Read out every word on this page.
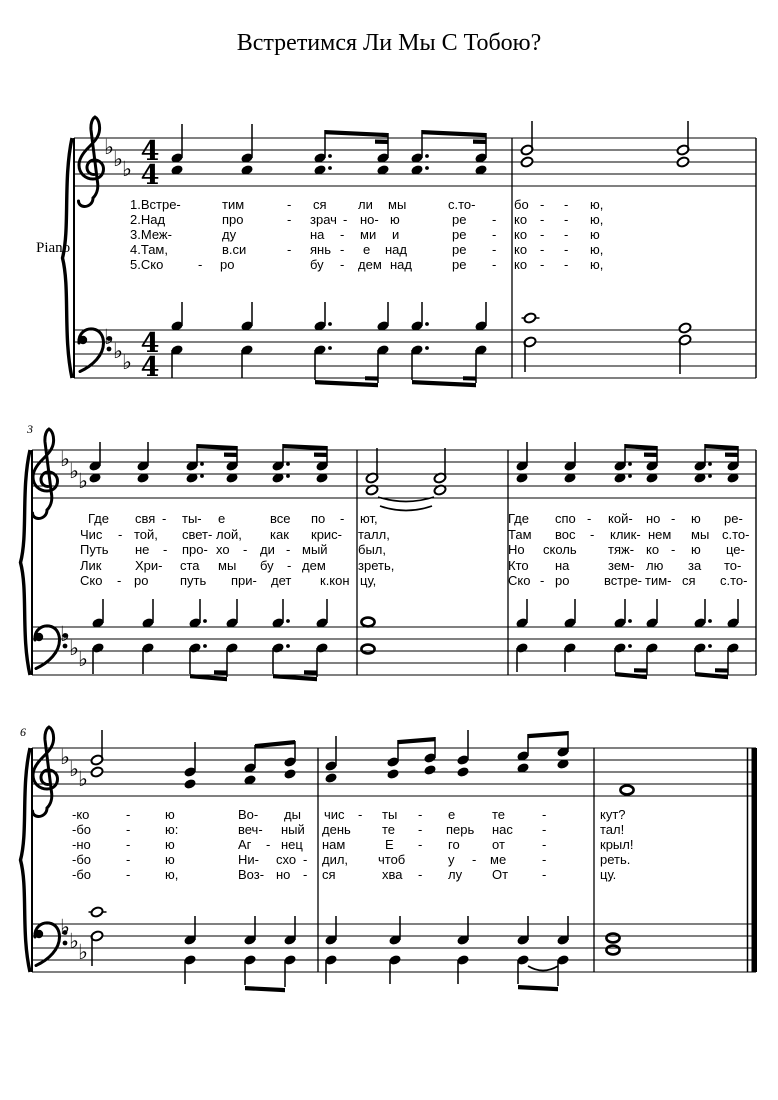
Встретимся Ли Мы С Тобою?
Piano
3
6
♭ ♭ ♭
4
4
♭
♭ ♭
4
4
♭ ♭ ♭
♭
♭ ♭
♭ ♭ ♭
♭
♭ ♭
1.Встре-	тим	- ся ли мы	с.то-	бо - - ю,
2.Над	про	- зрач - но- ю	ре - ко - - ю,
3.Меж-	ду	на - ми и	ре - ко - - ю
4.Там,	в.си	- янь - е над	ре - ко - - ю,
5.Ско	- ро	бу - дем над	ре - ко - - ю,
Где свя - ты- е	все по - ют,	Где спо - кой- но - ю ре-
Чис - той, свет- лой, как крис- талл,	Там вос - клик- нем мы с.то-
Путь не - про- хо - ди - мый был,	Но сколь тяж- ко - ю це-
Лик	Хри- ста мы бу - дем зреть,	Кто на	зем- лю за то-
Ско - ро путь при- дет к.кон цу,	Ско - ро	встре- тим- ся с.то-
-ко	-	ю	Во- ды чис - ты - е	те	-	кут?
-бо	-	ю:	веч- ный день те - перь нас -	тал!
-но	-	ю	Аг - нец нам	Е - го от	-	крыл!
-бо	-	ю	Ни- схо - дил, чтоб	у - ме	-	реть.
-бо	-	ю,	Воз- но - ся	хва - лу От	-	цу.
